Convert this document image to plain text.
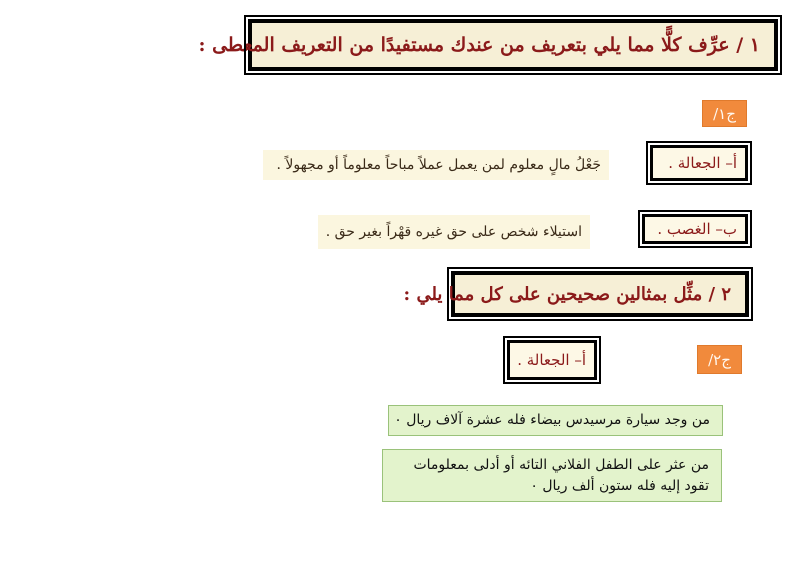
١ / عرِّف كلًّا مما يلي بتعريف من عندك مستفيدًا من التعريف المعطى :
ج١/
أ– الجعالة .
جَعْلُ مالٍ معلوم لمن يعمل عملاً مباحاً معلوماً أو مجهولاً .
ب– الغصب .
استيلاء شخص على حق غيره قهْراً بغير حق .
٢ / مثِّل بمثالين صحيحين على كل مما يلي :
ج٢/
أ– الجعالة .
من وجد سيارة مرسيدس بيضاء فله عشرة آلاف ريال ٠
من عثر على الطفل الفلاني التائه أو أدلى بمعلومات تقود إليه فله ستون ألف ريال ٠
